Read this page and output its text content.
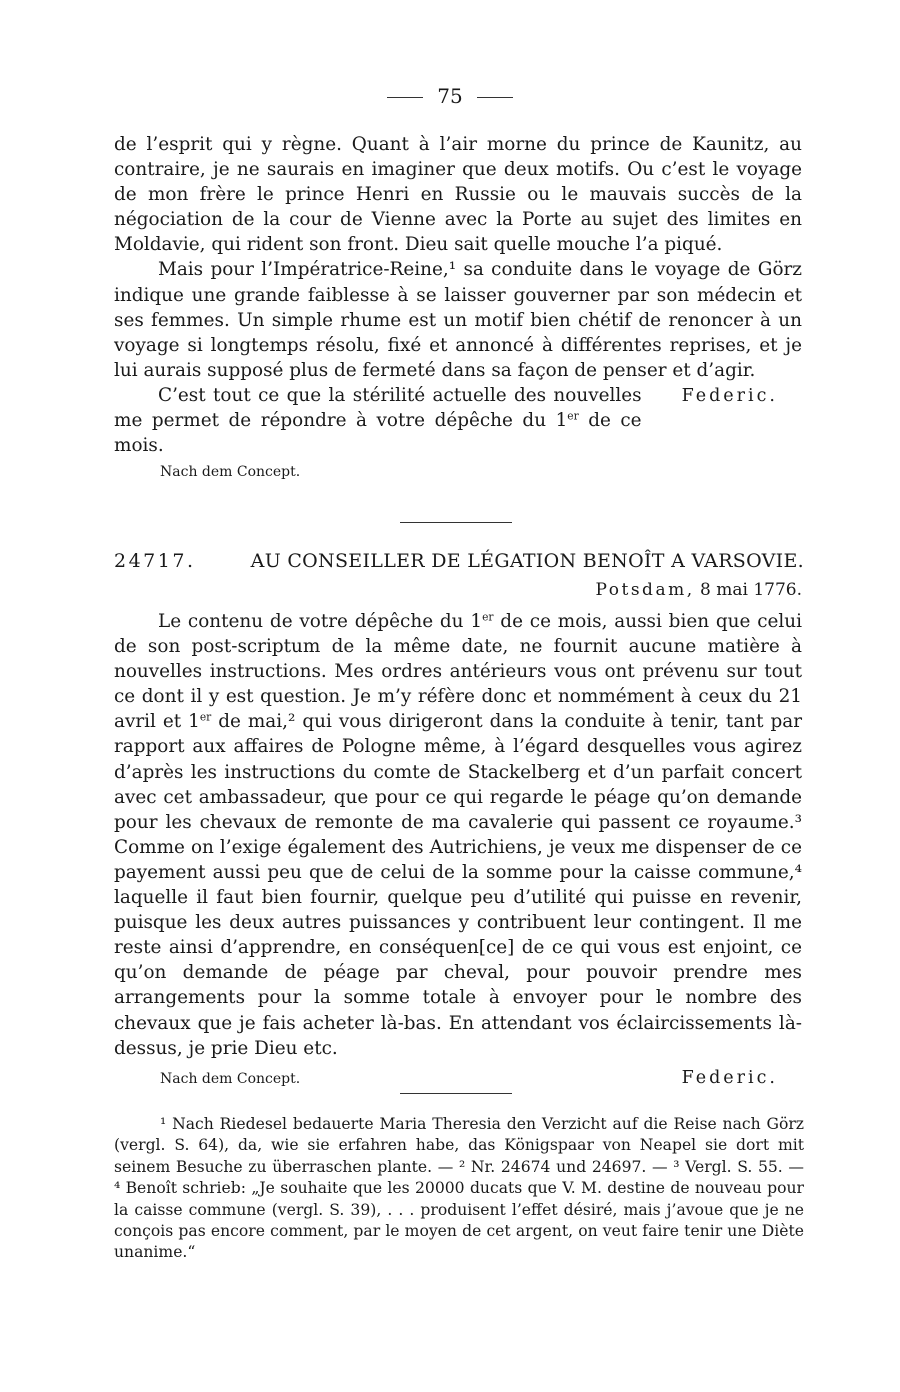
75

de l’esprit qui y règne. Quant à l’air morne du prince de Kaunitz, au contraire, je ne saurais en imaginer que deux motifs. Ou c’est le voyage de mon frère le prince Henri en Russie ou le mauvais succès de la négociation de la cour de Vienne avec la Porte au sujet des limites en Moldavie, qui rident son front. Dieu sait quelle mouche l’a piqué.

Mais pour l’Impératrice-Reine,¹ sa conduite dans le voyage de Görz indique une grande faiblesse à se laisser gouverner par son médecin et ses femmes. Un simple rhume est un motif bien chétif de renoncer à un voyage si longtemps résolu, fixé et annoncé à différentes reprises, et je lui aurais supposé plus de fermeté dans sa façon de penser et d’agir.

C’est tout ce que la stérilité actuelle des nouvelles me permet de répondre à votre dépêche du 1er de ce mois.

Federic.
Nach dem Concept.
24717.	AU CONSEILLER DE LÉGATION BENOÎT A VARSOVIE.
Potsdam, 8 mai 1776.

Le contenu de votre dépêche du 1er de ce mois, aussi bien que celui de son post-scriptum de la même date, ne fournit aucune matière à nouvelles instructions. Mes ordres antérieurs vous ont prévenu sur tout ce dont il y est question. Je m’y réfère donc et nommément à ceux du 21 avril et 1er de mai,² qui vous dirigeront dans la conduite à tenir, tant par rapport aux affaires de Pologne même, à l’égard desquelles vous agirez d’après les instructions du comte de Stackelberg et d’un parfait concert avec cet ambassadeur, que pour ce qui regarde le péage qu’on demande pour les chevaux de remonte de ma cavalerie qui passent ce royaume.³ Comme on l’exige également des Autrichiens, je veux me dispenser de ce payement aussi peu que de celui de la somme pour la caisse commune,⁴ laquelle il faut bien fournir, quelque peu d’utilité qui puisse en revenir, puisque les deux autres puissances y contribuent leur contingent. Il me reste ainsi d’apprendre, en conséquen[ce] de ce qui vous est enjoint, ce qu’on demande de péage par cheval, pour pouvoir prendre mes arrangements pour la somme totale à envoyer pour le nombre des chevaux que je fais acheter là-bas. En attendant vos éclaircissements là-dessus, je prie Dieu etc.

Nach dem Concept.	Federic.

¹ Nach Riedesel bedauerte Maria Theresia den Verzicht auf die Reise nach Görz (vergl. S. 64), da, wie sie erfahren habe, das Königspaar von Neapel sie dort mit seinem Besuche zu überraschen plante. — ² Nr. 24674 und 24697. — ³ Vergl. S. 55. — ⁴ Benoît schrieb: „Je souhaite que les 20000 ducats que V. M. destine de nouveau pour la caisse commune (vergl. S. 39), . . . produisent l’effet désiré, mais j’avoue que je ne conçois pas encore comment, par le moyen de cet argent, on veut faire tenir une Diète unanime.“
